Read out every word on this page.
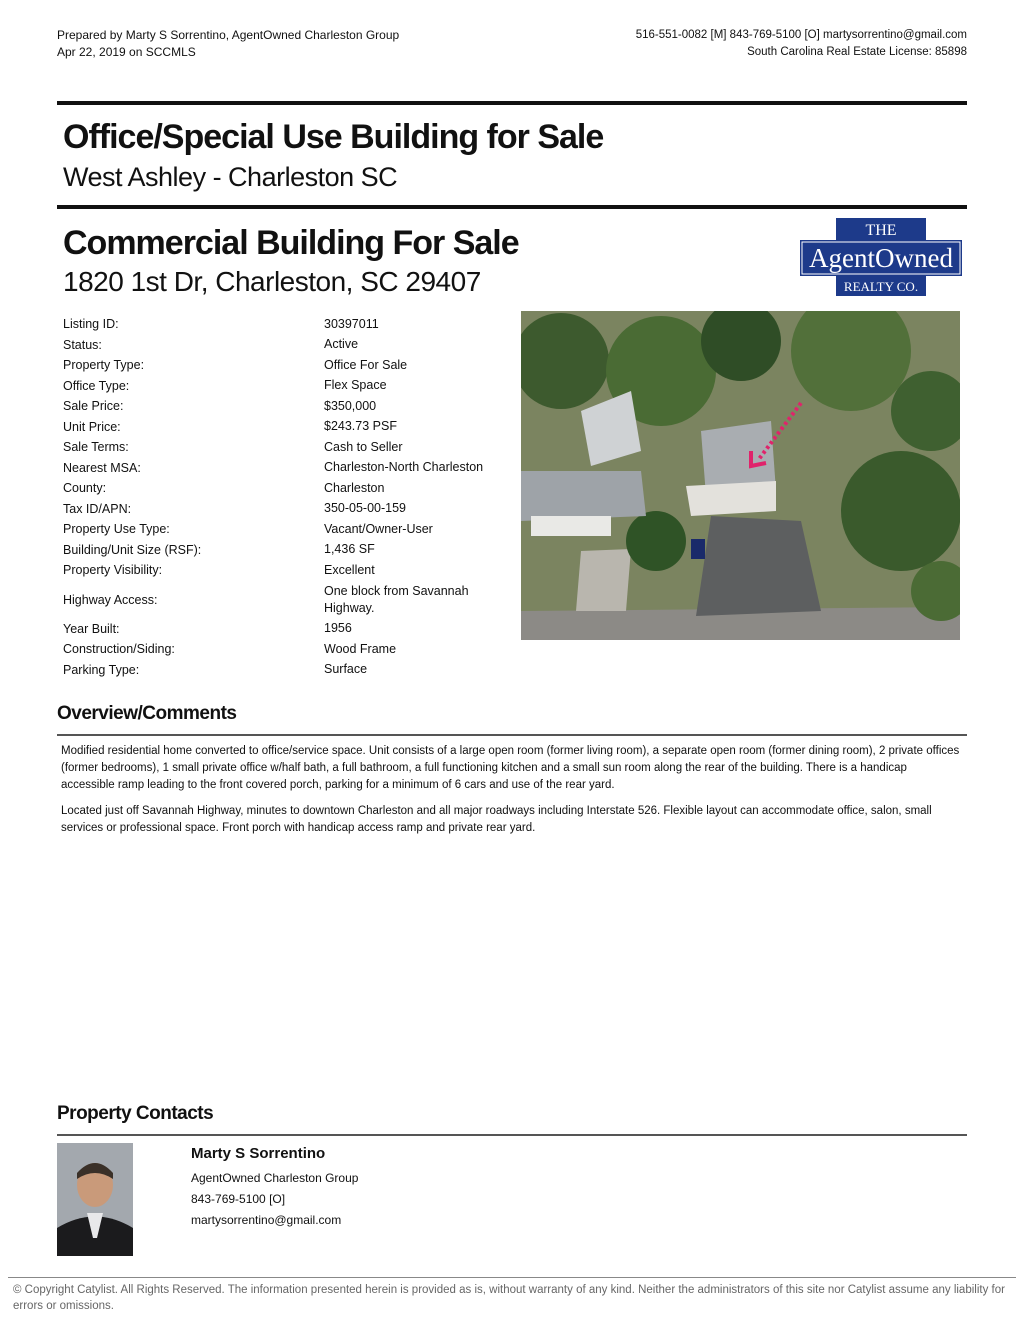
Prepared by Marty S Sorrentino, AgentOwned Charleston Group
Apr 22, 2019 on SCCMLS
516-551-0082 [M] 843-769-5100 [O] martysorrentino@gmail.com
South Carolina Real Estate License: 85898
Office/Special Use Building for Sale
West Ashley - Charleston SC
Commercial Building For Sale
1820 1st Dr, Charleston, SC 29407
THE
AgentOwned
REALTY CO.
Listing ID:	30397011
Status:	Active
Property Type:	Office For Sale
Office Type:	Flex Space
Sale Price:	$350,000
Unit Price:	$243.73 PSF
Sale Terms:	Cash to Seller
Nearest MSA:	Charleston-North Charleston
County:	Charleston
Tax ID/APN:	350-05-00-159
Property Use Type:	Vacant/Owner-User
Building/Unit Size (RSF):	1,436 SF
Property Visibility:	Excellent
Highway Access:
One block from Savannah Highway.
Year Built:	1956
Construction/Siding:	Wood Frame
Parking Type:	Surface
Overview/Comments
Modified residential home converted to office/service space. Unit consists of a large open room (former living room), a separate open room (former dining room), 2 private offices (former bedrooms), 1 small private office w/half bath, a full bathroom, a full functioning kitchen and a small sun room along the rear of the building. There is a handicap accessible ramp leading to the front covered porch, parking for a minimum of 6 cars and use of the rear yard.
Located just off Savannah Highway, minutes to downtown Charleston and all major roadways including Interstate 526. Flexible layout can accommodate office, salon, small services or professional space. Front porch with handicap access ramp and private rear yard.
Property Contacts
Marty S Sorrentino
AgentOwned Charleston Group
843-769-5100 [O]
martysorrentino@gmail.com
© Copyright Catylist. All Rights Reserved. The information presented herein is provided as is, without warranty of any kind. Neither the administrators of this site nor Catylist assume any liability for errors or omissions.
